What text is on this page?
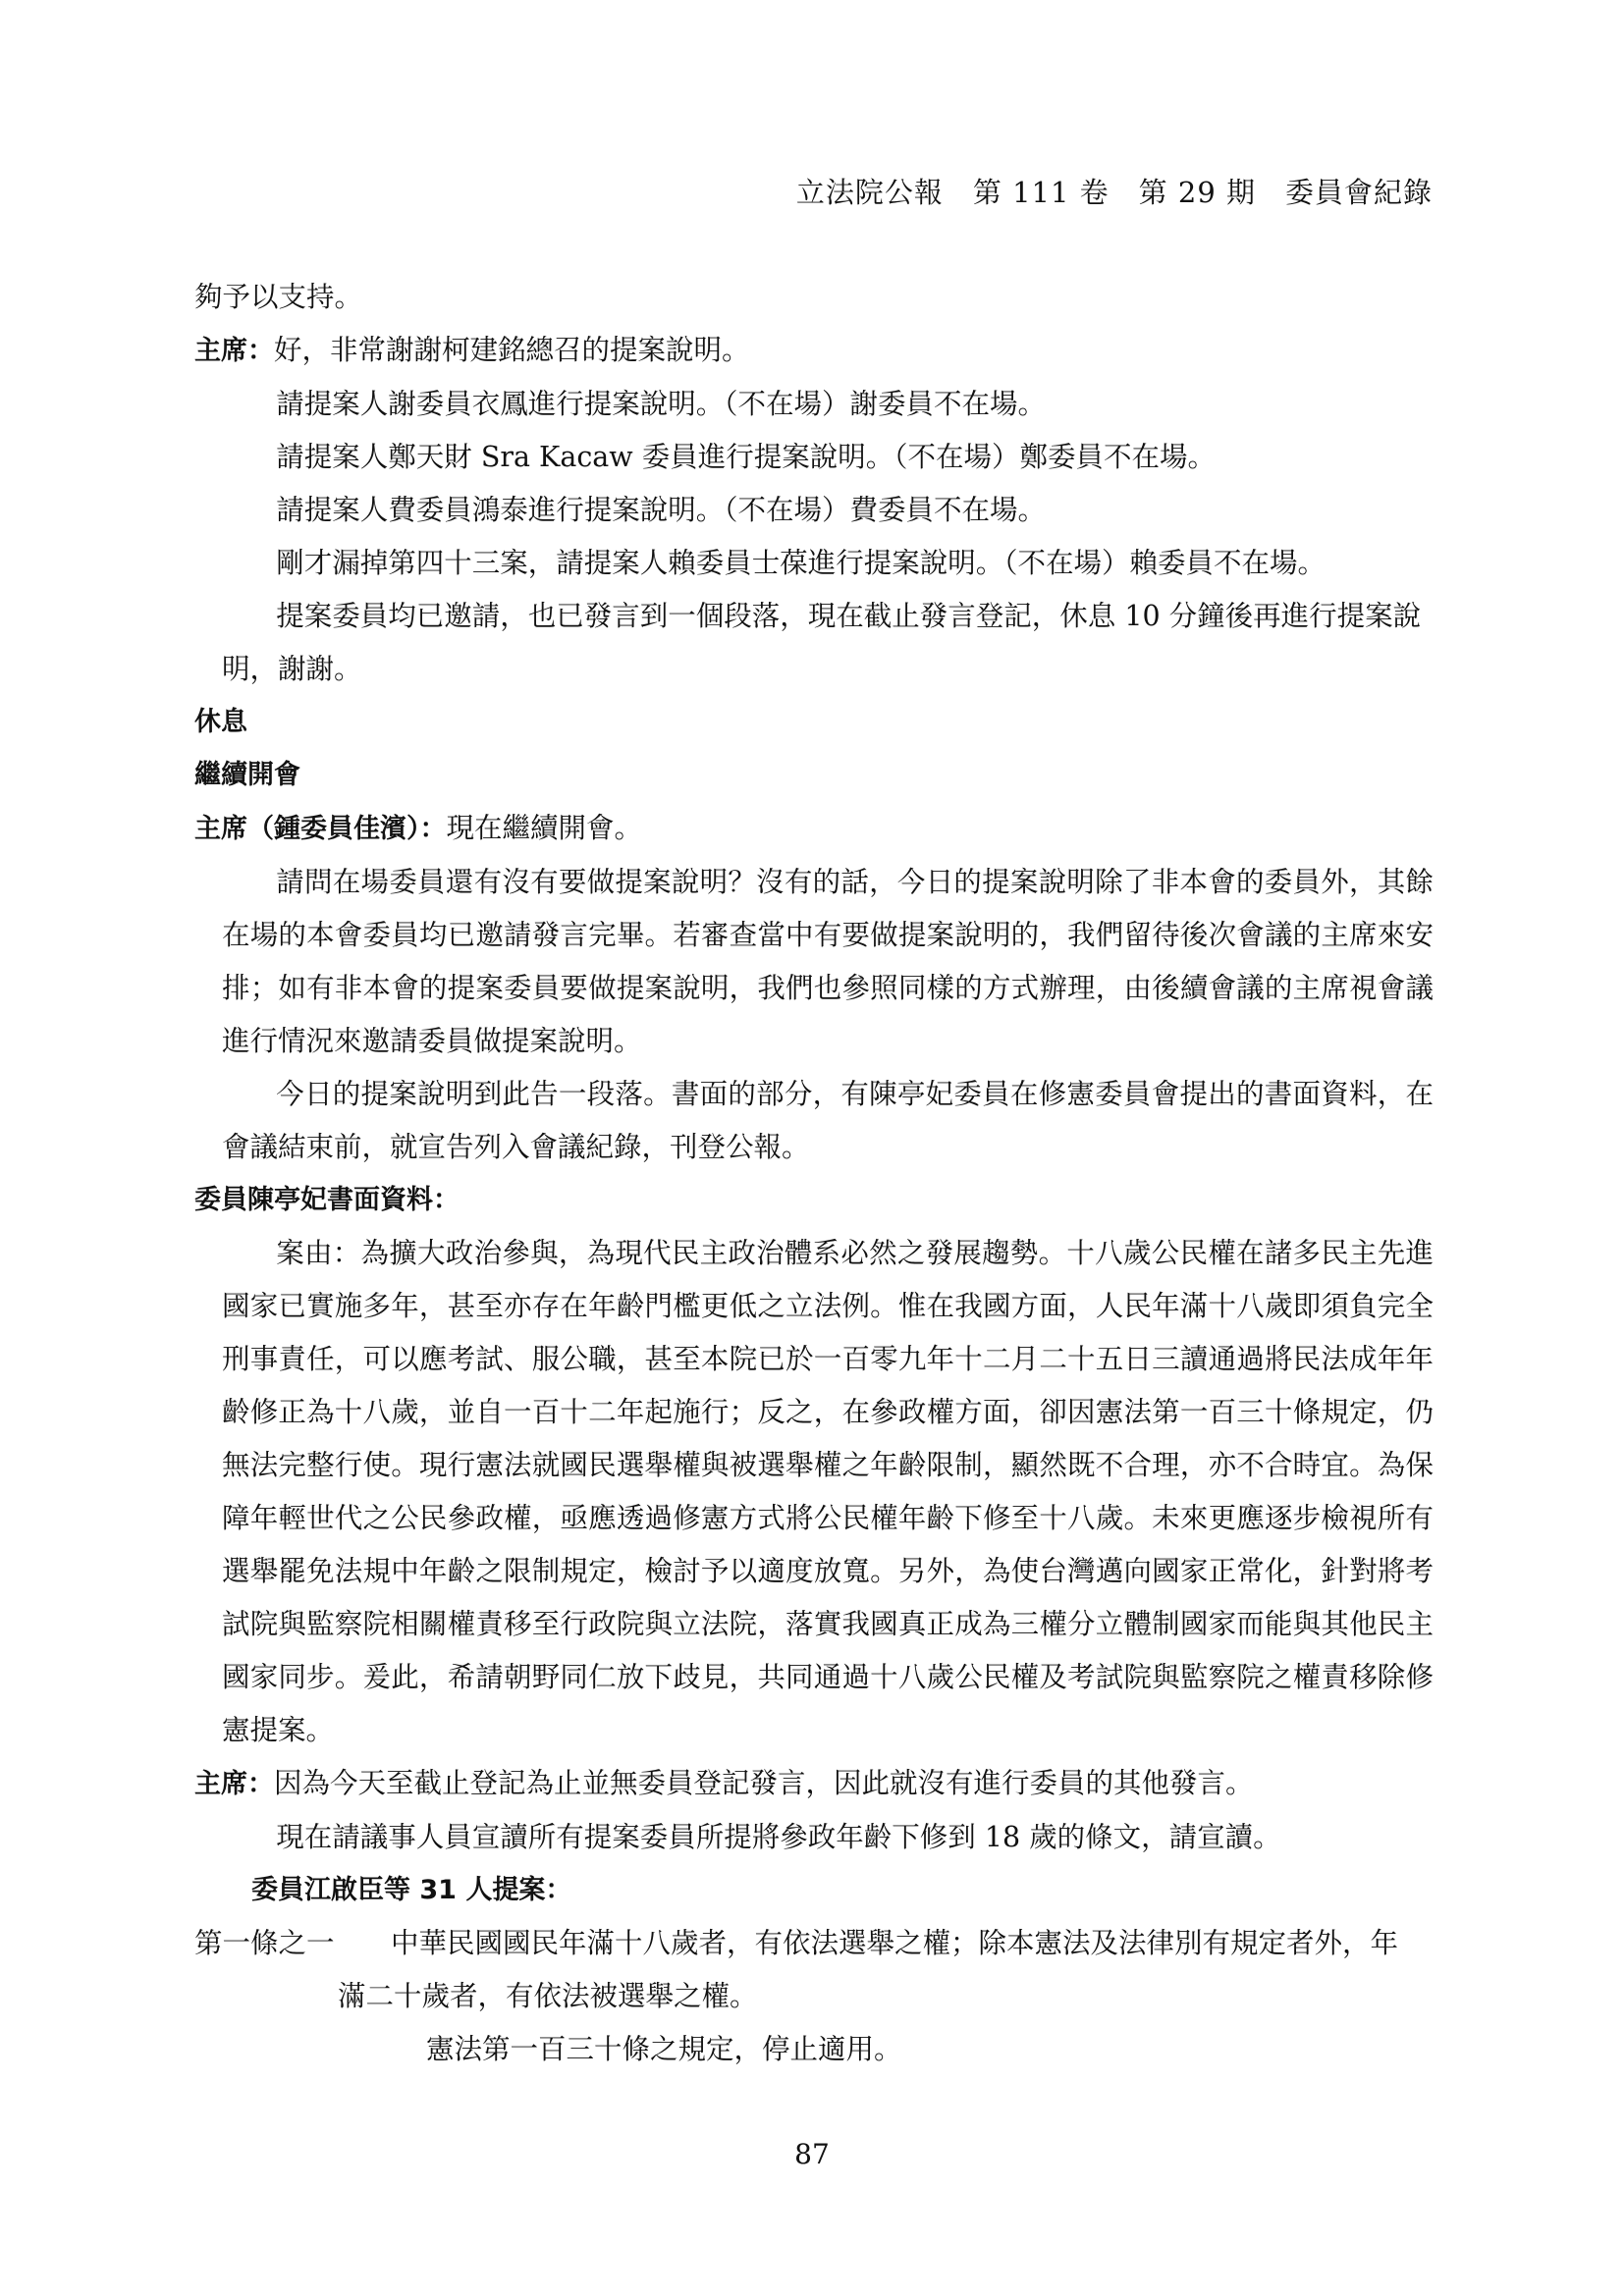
立法院公報　第 111 卷　第 29 期　委員會紀錄

夠予以支持。

主席：好，非常謝謝柯建銘總召的提案說明。

請提案人謝委員衣鳳進行提案說明。（不在場）謝委員不在場。

請提案人鄭天財 Sra Kacaw 委員進行提案說明。（不在場）鄭委員不在場。

請提案人費委員鴻泰進行提案說明。（不在場）費委員不在場。

剛才漏掉第四十三案，請提案人賴委員士葆進行提案說明。（不在場）賴委員不在場。

提案委員均已邀請，也已發言到一個段落，現在截止發言登記，休息 10 分鐘後再進行提案說

明，謝謝。

休息

繼續開會

主席（鍾委員佳濱）：現在繼續開會。

請問在場委員還有沒有要做提案說明？沒有的話，今日的提案說明除了非本會的委員外，其餘在場的本會委員均已邀請發言完畢。若審查當中有要做提案說明的，我們留待後次會議的主席來安排；如有非本會的提案委員要做提案說明，我們也參照同樣的方式辦理，由後續會議的主席視會議進行情況來邀請委員做提案說明。

今日的提案說明到此告一段落。書面的部分，有陳亭妃委員在修憲委員會提出的書面資料，在會議結束前，就宣告列入會議紀錄，刊登公報。

委員陳亭妃書面資料：

案由：為擴大政治參與，為現代民主政治體系必然之發展趨勢。十八歲公民權在諸多民主先進國家已實施多年，甚至亦存在年齡門檻更低之立法例。惟在我國方面，人民年滿十八歲即須負完全刑事責任，可以應考試、服公職，甚至本院已於一百零九年十二月二十五日三讀通過將民法成年年齡修正為十八歲，並自一百十二年起施行；反之，在參政權方面，卻因憲法第一百三十條規定，仍無法完整行使。現行憲法就國民選舉權與被選舉權之年齡限制，顯然既不合理，亦不合時宜。為保障年輕世代之公民參政權，亟應透過修憲方式將公民權年齡下修至十八歲。未來更應逐步檢視所有選舉罷免法規中年齡之限制規定，檢討予以適度放寬。另外，為使台灣邁向國家正常化，針對將考試院與監察院相關權責移至行政院與立法院，落實我國真正成為三權分立體制國家而能與其他民主國家同步。爰此，希請朝野同仁放下歧見，共同通過十八歲公民權及考試院與監察院之權責移除修憲提案。

主席：因為今天至截止登記為止並無委員登記發言，因此就沒有進行委員的其他發言。

現在請議事人員宣讀所有提案委員所提將參政年齡下修到 18 歲的條文，請宣讀。

委員江啟臣等 31 人提案：

第一條之一	中華民國國民年滿十八歲者，有依法選舉之權；除本憲法及法律別有規定者外，年

滿二十歲者，有依法被選舉之權。

憲法第一百三十條之規定，停止適用。

87
